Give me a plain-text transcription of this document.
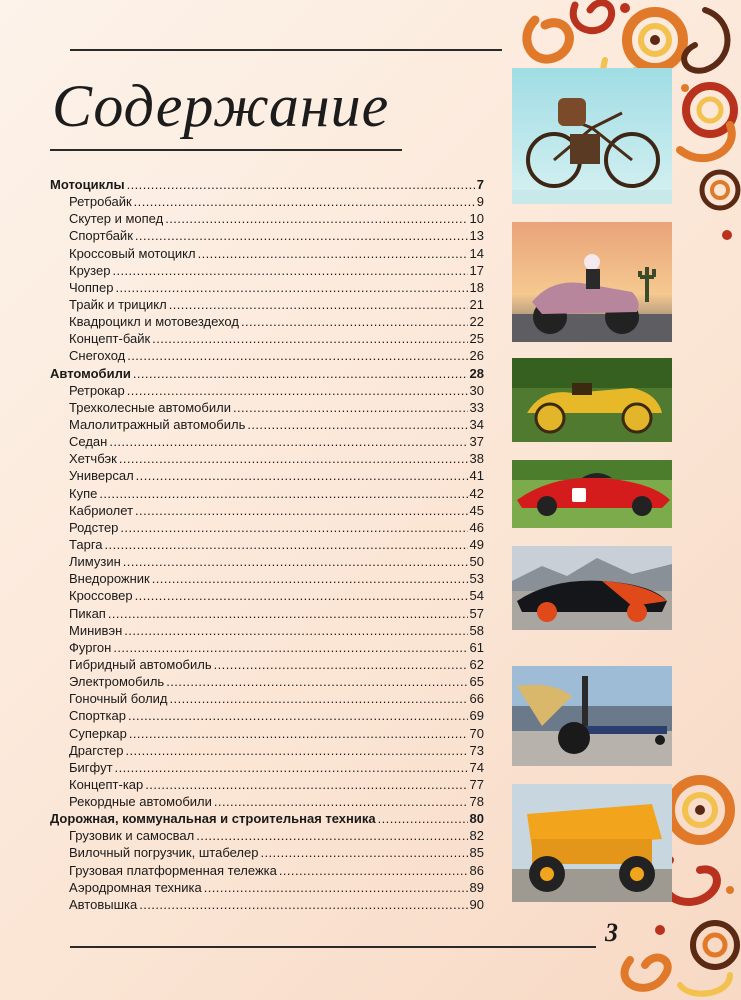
Содержание
Мотоциклы . . .	7
Ретробайк . . .	9
Скутер и мопед . . .	10
Спортбайк . . .	13
Кроссовый мотоцикл . . .	14
Крузер . . .	17
Чоппер . . .	18
Трайк и трицикл . . .	21
Квадроцикл и мотовездеход . . .	22
Концепт-байк . . .	25
Снегоход . . .	26
Автомобили . . .	28
Ретрокар . . .	30
Трехколесные автомобили . . .	33
Малолитражный автомобиль . . .	34
Седан . . .	37
Хетчбэк . . .	38
Универсал . . .	41
Купе . . .	42
Кабриолет . . .	45
Родстер . . .	46
Тарга . . .	49
Лимузин . . .	50
Внедорожник . . .	53
Кроссовер . . .	54
Пикап . . .	57
Минивэн . . .	58
Фургон . . .	61
Гибридный автомобиль . . .	62
Электромобиль . . .	65
Гоночный болид . . .	66
Спорткар . . .	69
Суперкар . . .	70
Драгстер . . .	73
Бигфут . . .	74
Концепт-кар . . .	77
Рекордные автомобили . . .	78
Дорожная, коммунальная и строительная техника . . .	80
Грузовик и самосвал . . .	82
Вилочный погрузчик, штабелер . . .	85
Грузовая платформенная тележка . . .	86
Аэродромная техника . . .	89
Автовышка . . .	90
3
